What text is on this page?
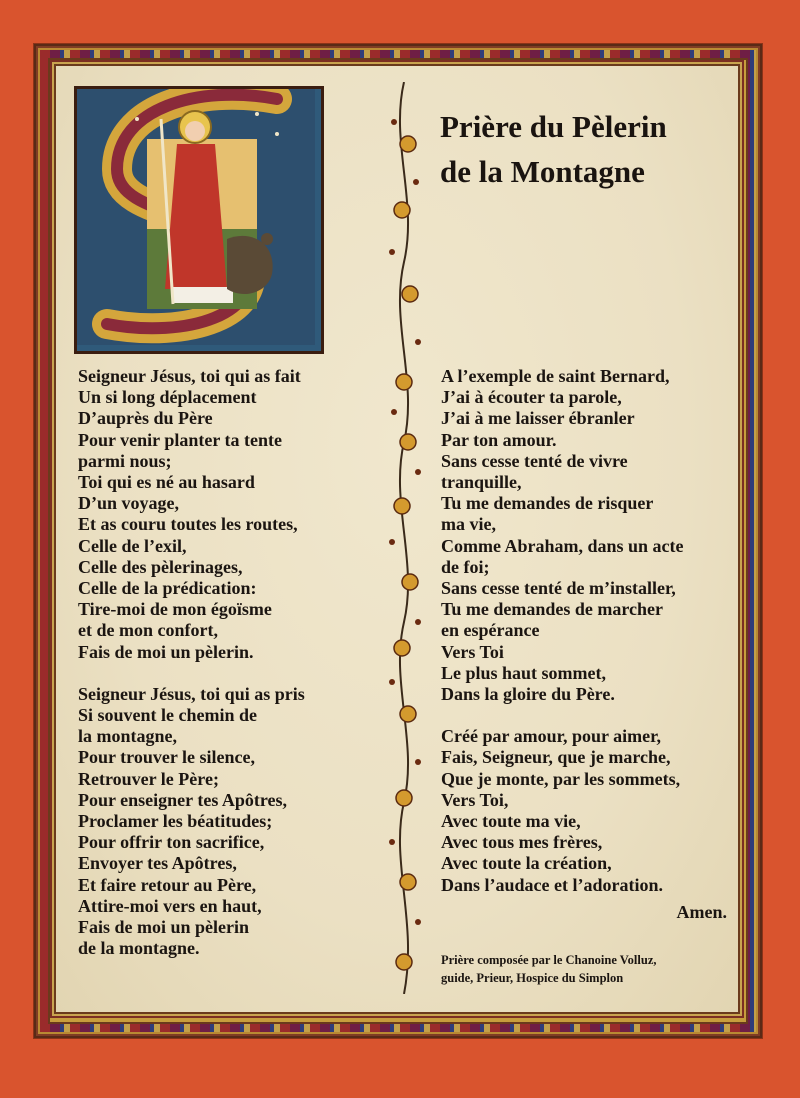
Prière du Pèlerin
de la Montagne
Seigneur Jésus, toi qui as fait
Un si long déplacement
D’auprès du Père
Pour venir planter ta tente
parmi nous;
Toi qui es né au hasard
D’un voyage,
Et as couru toutes les routes,
Celle de l’exil,
Celle des pèlerinages,
Celle de la prédication:
Tire-moi de mon égoïsme
et de mon confort,
Fais de moi un pèlerin.
Seigneur Jésus, toi qui as pris
Si souvent le chemin de
la montagne,
Pour trouver le silence,
Retrouver le Père;
Pour enseigner tes Apôtres,
Proclamer les béatitudes;
Pour offrir ton sacrifice,
Envoyer tes Apôtres,
Et faire retour au Père,
Attire-moi vers en haut,
Fais de moi un pèlerin
de la montagne.
A l’exemple de saint Bernard,
J’ai à écouter ta parole,
J’ai à me laisser ébranler
Par ton amour.
Sans cesse tenté de vivre
tranquille,
Tu me demandes de risquer
ma vie,
Comme Abraham, dans un acte
de foi;
Sans cesse tenté de m’installer,
Tu me demandes de marcher
en espérance
Vers Toi
Le plus haut sommet,
Dans la gloire du Père.
Créé par amour, pour aimer,
Fais, Seigneur, que je marche,
Que je monte, par les sommets,
Vers Toi,
Avec toute ma vie,
Avec tous mes frères,
Avec toute la création,
Dans l’audace et l’adoration.
Amen.
Prière composée par le Chanoine Volluz,
guide, Prieur, Hospice du Simplon
